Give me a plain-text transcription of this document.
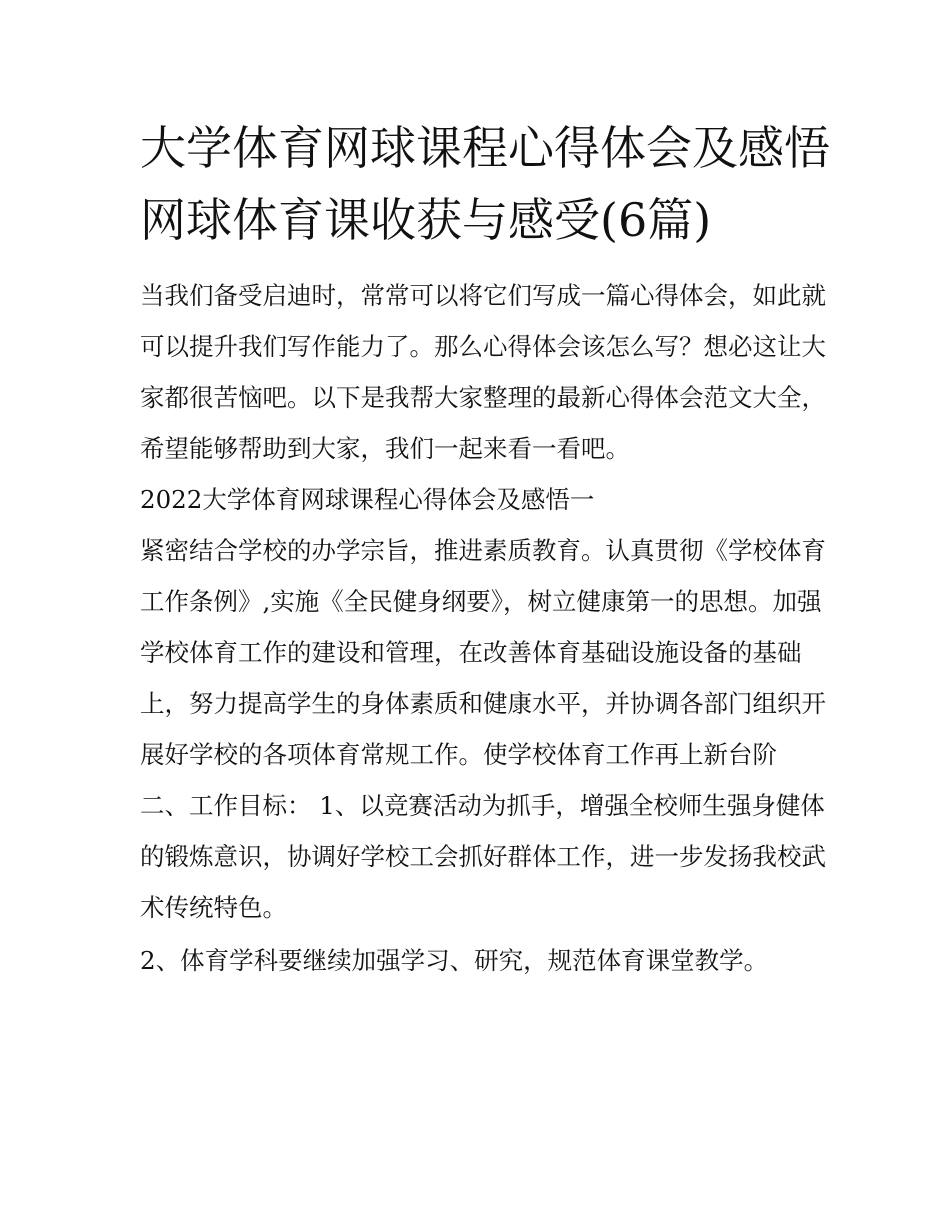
大学体育网球课程心得体会及感悟 网球体育课收获与感受(6篇)

当我们备受启迪时，常常可以将它们写成一篇心得体会，如此就可以提升我们写作能力了。那么心得体会该怎么写？想必这让大家都很苦恼吧。以下是我帮大家整理的最新心得体会范文大全，希望能够帮助到大家，我们一起来看一看吧。

2022大学体育网球课程心得体会及感悟一

紧密结合学校的办学宗旨，推进素质教育。认真贯彻《学校体育工作条例》,实施《全民健身纲要》，树立健康第一的思想。加强学校体育工作的建设和管理，在改善体育基础设施设备的基础上，努力提高学生的身体素质和健康水平，并协调各部门组织开展好学校的各项体育常规工作。使学校体育工作再上新台阶

二、工作目标： 1、以竞赛活动为抓手，增强全校师生强身健体的锻炼意识，协调好学校工会抓好群体工作，进一步发扬我校武术传统特色。

2、体育学科要继续加强学习、研究，规范体育课堂教学。
